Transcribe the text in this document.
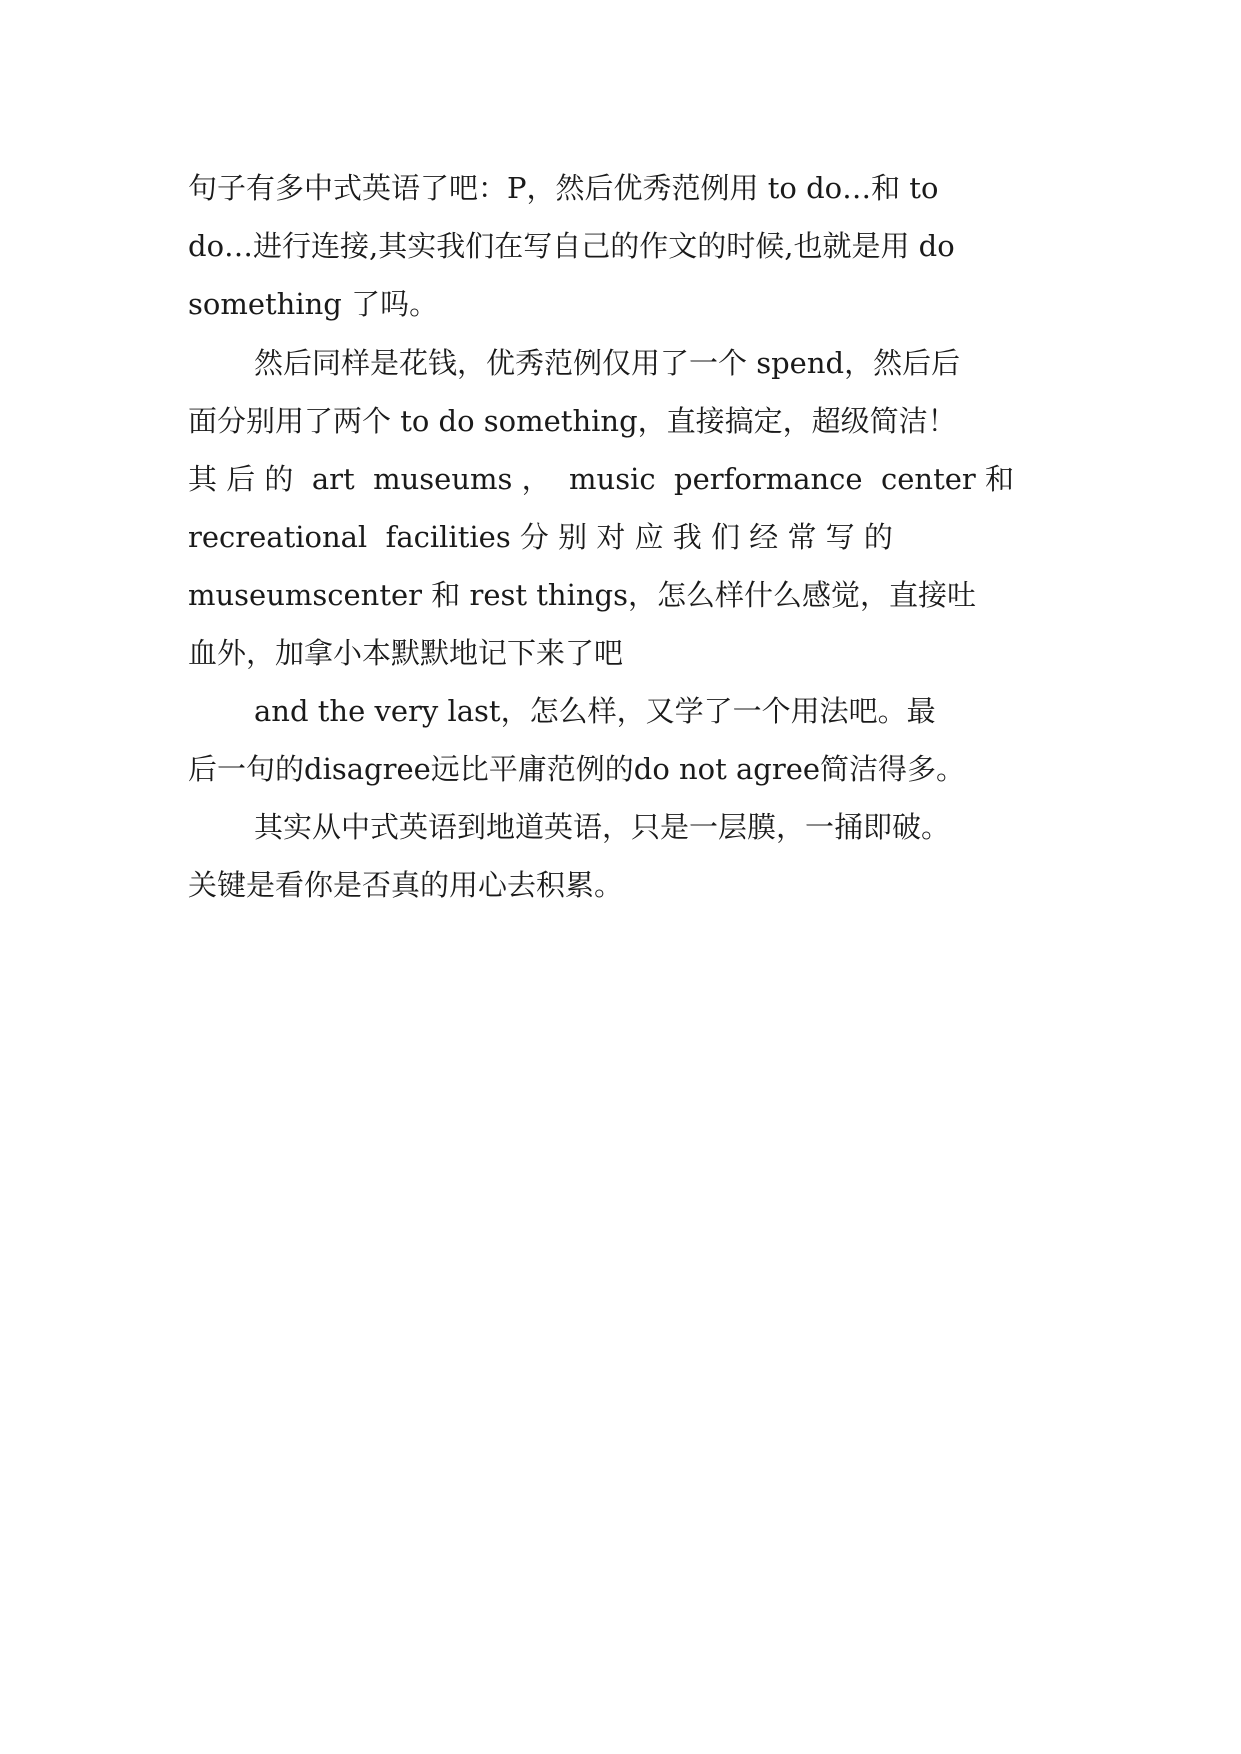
句子有多中式英语了吧：P，然后优秀范例用 to do…和 to
do…进行连接,其实我们在写自己的作文的时候,也就是用 do
something 了吗。
然后同样是花钱，优秀范例仅用了一个 spend，然后后
面分别用了两个 to do something，直接搞定，超级简洁！
其 后 的  art  museums ，  music  performance  center 和
recreational  facilities 分 别 对 应 我 们 经 常 写 的
museumscenter 和 rest things，怎么样什么感觉，直接吐
血外，加拿小本默默地记下来了吧
and the very last，怎么样，又学了一个用法吧。最
后一句的disagree远比平庸范例的do not agree简洁得多。
其实从中式英语到地道英语，只是一层膜，一捅即破。
关键是看你是否真的用心去积累。
